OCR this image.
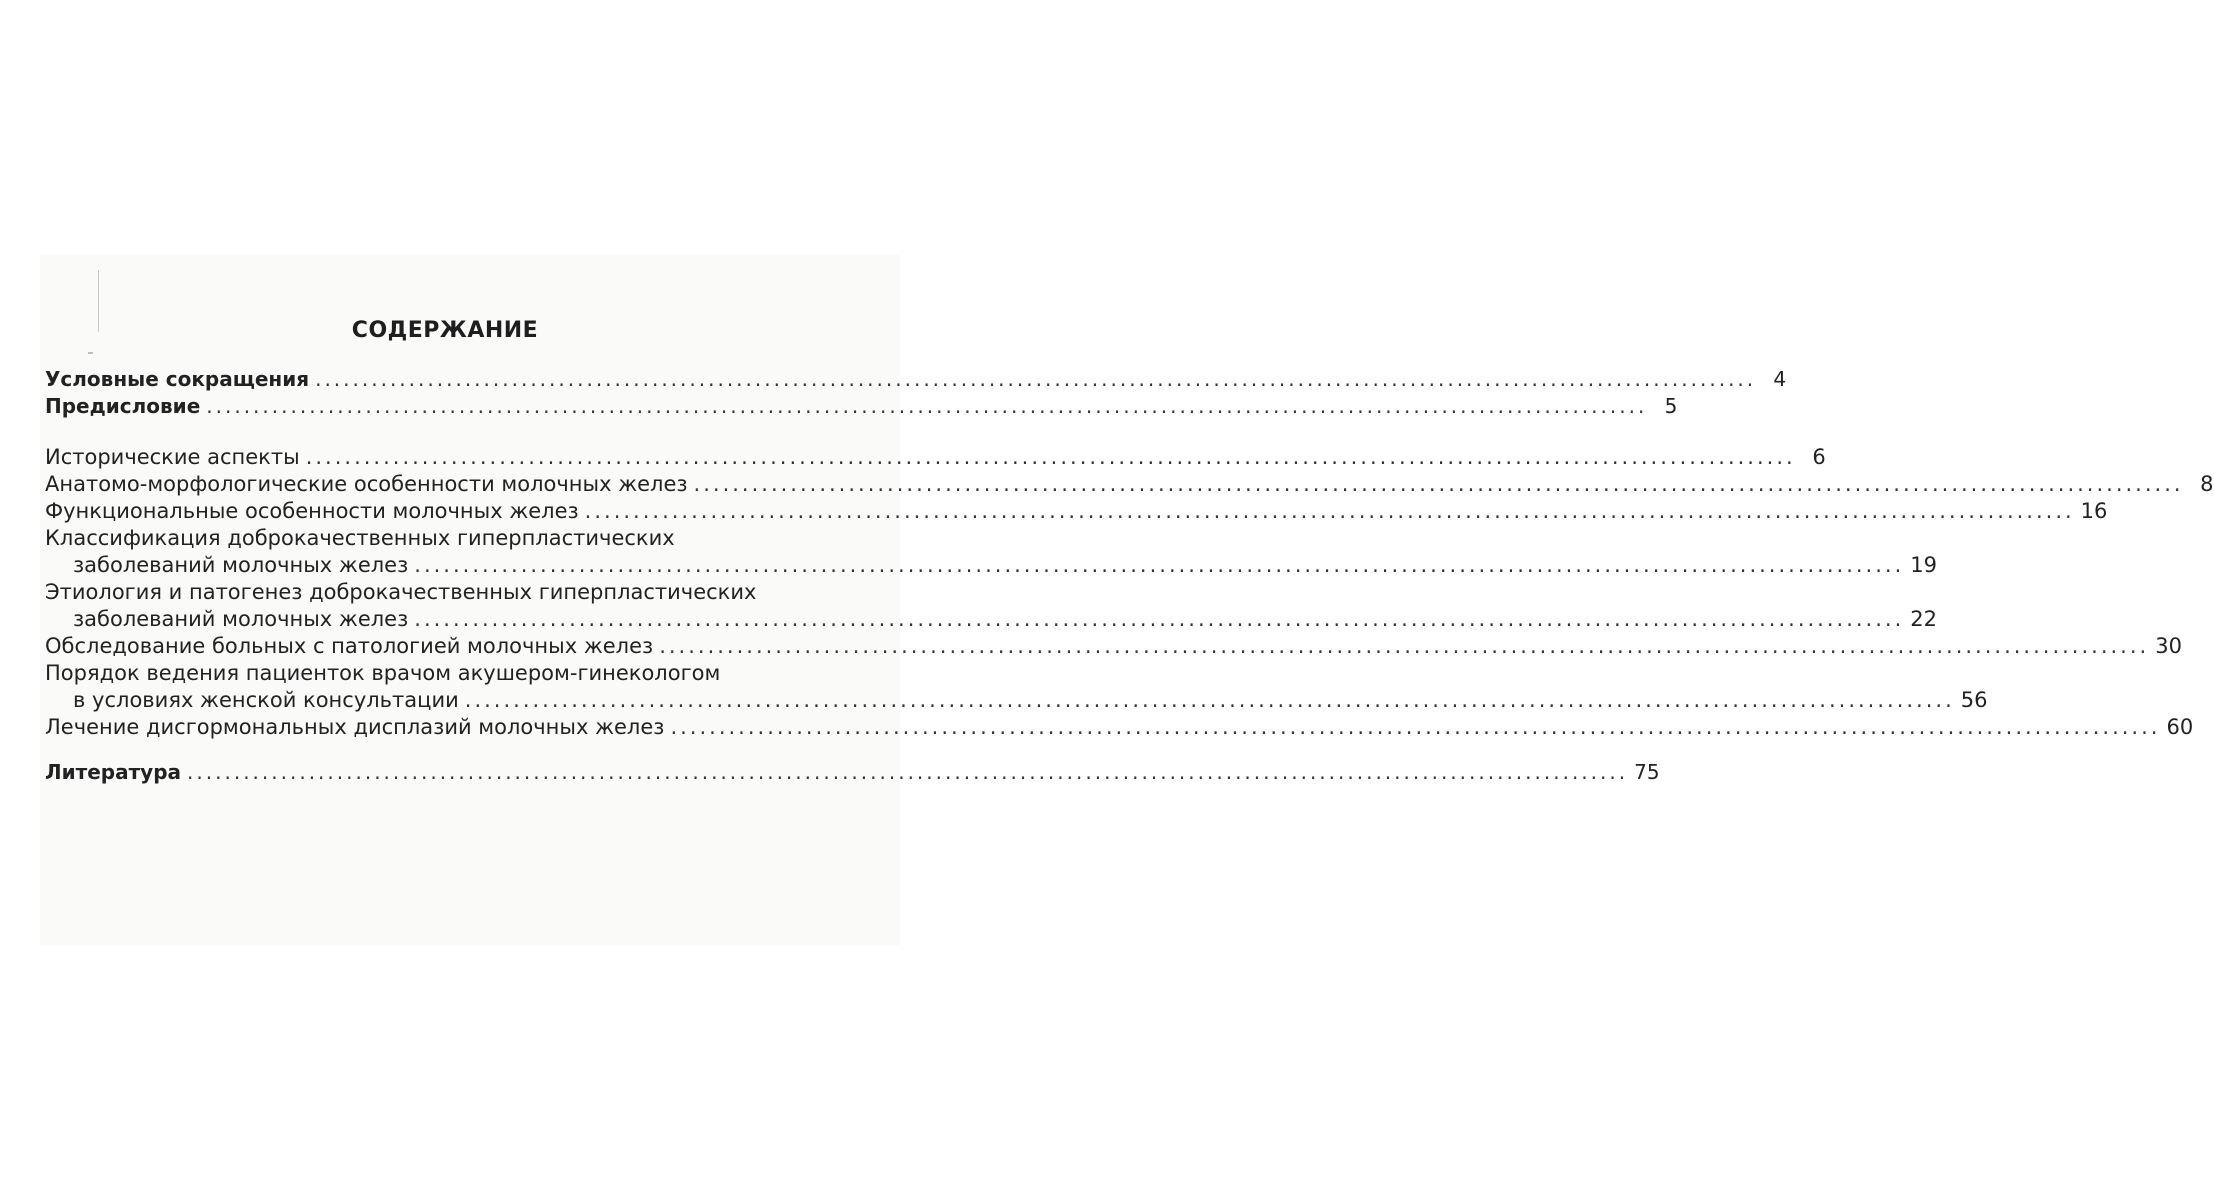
СОДЕРЖАНИЕ
Условные сокращения .......................................................................................................................................................... 4
Предисловие .......................................................................................................................................................... 5
Исторические аспекты .......................................................................................................................................................... 6
Анатомо-морфологические особенности молочных желез .......................................................................................................................................................... 8
Функциональные особенности молочных желез .......................................................................................................................................................... 16
Классификация доброкачественных гиперпластических
заболеваний молочных желез .......................................................................................................................................................... 19
Этиология и патогенез доброкачественных гиперпластических
заболеваний молочных желез .......................................................................................................................................................... 22
Обследование больных с патологией молочных желез .......................................................................................................................................................... 30
Порядок ведения пациенток врачом акушером-гинекологом
в условиях женской консультации .......................................................................................................................................................... 56
Лечение дисгормональных дисплазий молочных желез .......................................................................................................................................................... 60
Литература .......................................................................................................................................................... 75
